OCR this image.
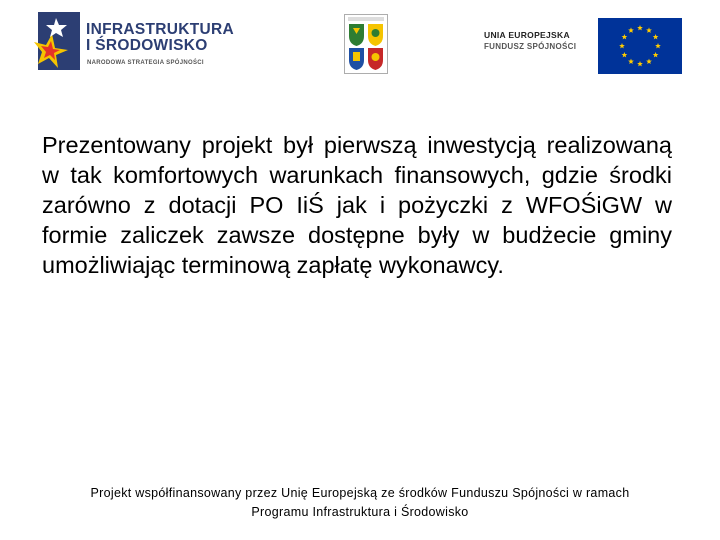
INFRASTRUKTURA
I ŚRODOWISKO
NARODOWA STRATEGIA SPÓJNOŚCI
UNIA EUROPEJSKA
FUNDUSZ SPÓJNOŚCI
Prezentowany projekt był pierwszą inwestycją realizowaną w tak komfortowych warunkach finansowych, gdzie środki zarówno z dotacji PO IiŚ jak i pożyczki z WFOŚiGW w formie zaliczek zawsze dostępne były w budżecie gminy umożliwiając terminową zapłatę wykonawcy.
Projekt współfinansowany przez Unię Europejską ze środków Funduszu Spójności w ramach
Programu Infrastruktura i Środowisko
